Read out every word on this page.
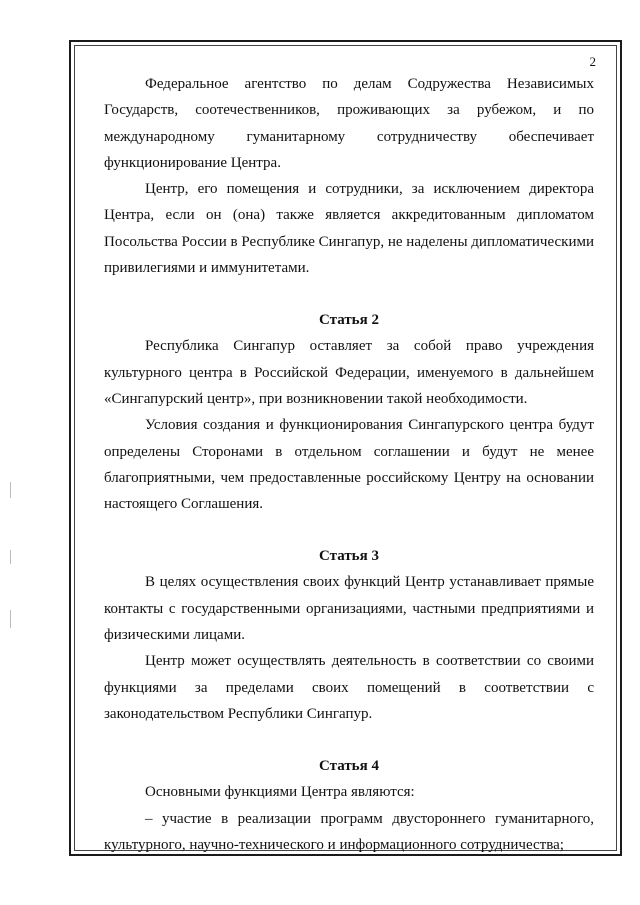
2

Федеральное агентство по делам Содружества Независимых Государств, соотечественников, проживающих за рубежом, и по международному гуманитарному сотрудничеству обеспечивает функционирование Центра.

Центр, его помещения и сотрудники, за исключением директора Центра, если он (она) также является аккредитованным дипломатом Посольства России в Республике Сингапур, не наделены дипломатическими привилегиями и иммунитетами.

Статья 2

Республика Сингапур оставляет за собой право учреждения культурного центра в Российской Федерации, именуемого в дальнейшем «Сингапурский центр», при возникновении такой необходимости.

Условия создания и функционирования Сингапурского центра будут определены Сторонами в отдельном соглашении и будут не менее благоприятными, чем предоставленные российскому Центру на основании настоящего Соглашения.

Статья 3

В целях осуществления своих функций Центр устанавливает прямые контакты с государственными организациями, частными предприятиями и физическими лицами.

Центр может осуществлять деятельность в соответствии со своими функциями за пределами своих помещений в соответствии с законодательством Республики Сингапур.

Статья 4

Основными функциями Центра являются:

– участие в реализации программ двустороннего гуманитарного, культурного, научно-технического и информационного сотрудничества;
